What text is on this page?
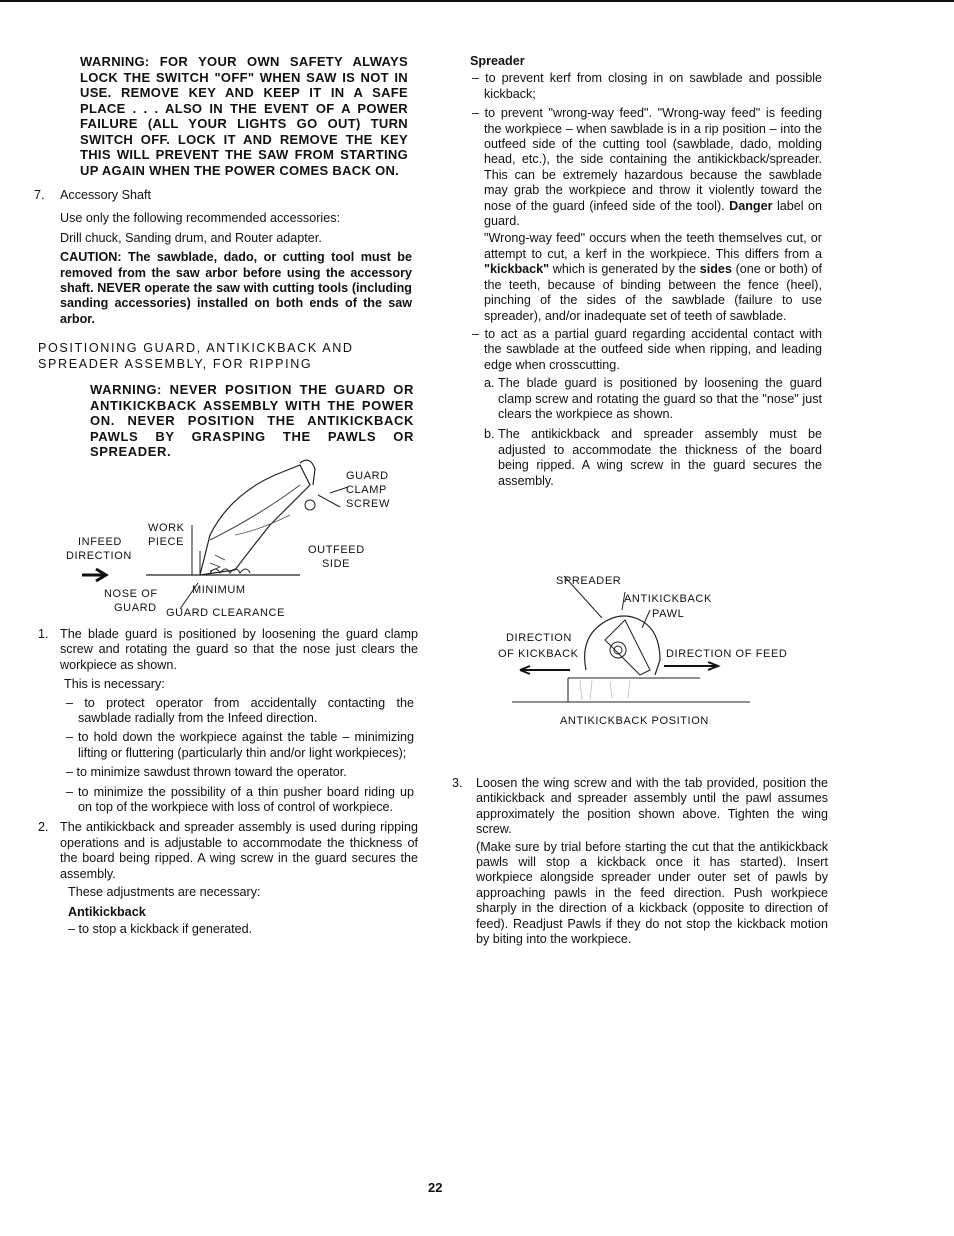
WARNING: FOR YOUR OWN SAFETY ALWAYS LOCK THE SWITCH "OFF" WHEN SAW IS NOT IN USE. REMOVE KEY AND KEEP IT IN A SAFE PLACE . . . ALSO IN THE EVENT OF A POWER FAILURE (ALL YOUR LIGHTS GO OUT) TURN SWITCH OFF. LOCK IT AND REMOVE THE KEY THIS WILL PREVENT THE SAW FROM STARTING UP AGAIN WHEN THE POWER COMES BACK ON.

7. Accessory Shaft

Use only the following recommended accessories:

Drill chuck, Sanding drum, and Router adapter.

CAUTION: The sawblade, dado, or cutting tool must be removed from the saw arbor before using the accessory shaft. NEVER operate the saw with cutting tools (including sanding accessories) installed on both ends of the saw arbor.

POSITIONING GUARD, ANTIKICKBACK AND SPREADER ASSEMBLY, FOR RIPPING

WARNING: NEVER POSITION THE GUARD OR ANTIKICKBACK ASSEMBLY WITH THE POWER ON. NEVER POSITION THE ANTIKICKBACK PAWLS BY GRASPING THE PAWLS OR SPREADER.

GUARD
CLAMP
SCREW
WORK
PIECE
INFEED
DIRECTION	OUTFEED
SIDE
NOSE OF
GUARD
MINIMUM
GUARD CLEARANCE

1. The blade guard is positioned by loosening the guard clamp screw and rotating the guard so that the nose just clears the workpiece as shown.

This is necessary:

– to protect operator from accidentally contacting the sawblade radially from the Infeed direction.

– to hold down the workpiece against the table – minimizing lifting or fluttering (particularly thin and/or light workpieces);

– to minimize sawdust thrown toward the operator.

– to minimize the possibility of a thin pusher board riding up on top of the workpiece with loss of control of workpiece.

2. The antikickback and spreader assembly is used during ripping operations and is adjustable to accommodate the thickness of the board being ripped. A wing screw in the guard secures the assembly.

These adjustments are necessary:

Antikickback

– to stop a kickback if generated.

Spreader

– to prevent kerf from closing in on sawblade and possible kickback;

– to prevent "wrong-way feed". "Wrong-way feed" is feeding the workpiece – when sawblade is in a rip position – into the outfeed side of the cutting tool (sawblade, dado, molding head, etc.), the side containing the antikickback/spreader. This can be extremely hazardous because the sawblade may grab the workpiece and throw it violently toward the nose of the guard (infeed side of the tool). Danger label on guard.

"Wrong-way feed" occurs when the teeth themselves cut, or attempt to cut, a kerf in the workpiece. This differs from a "kickback" which is generated by the sides (one or both) of the teeth, because of binding between the fence (heel), pinching of the sides of the sawblade (failure to use spreader), and/or inadequate set of teeth of sawblade.

– to act as a partial guard regarding accidental contact with the sawblade at the outfeed side when ripping, and leading edge when crosscutting.

a. The blade guard is positioned by loosening the guard clamp screw and rotating the guard so that the "nose" just clears the workpiece as shown.

b. The antikickback and spreader assembly must be adjusted to accommodate the thickness of the board being ripped. A wing screw in the guard secures the assembly.

SPREADER
ANTIKICKBACK
PAWL
DIRECTION
OF KICKBACK	DIRECTION OF FEED
ANTIKICKBACK POSITION

3. Loosen the wing screw and with the tab provided, position the antikickback and spreader assembly until the pawl assumes approximately the position shown above. Tighten the wing screw.

(Make sure by trial before starting the cut that the antikickback pawls will stop a kickback once it has started). Insert workpiece alongside spreader under outer set of pawls by approaching pawls in the feed direction. Push workpiece sharply in the direction of a kickback (opposite to direction of feed). Readjust Pawls if they do not stop the kickback motion by biting into the workpiece.

22
